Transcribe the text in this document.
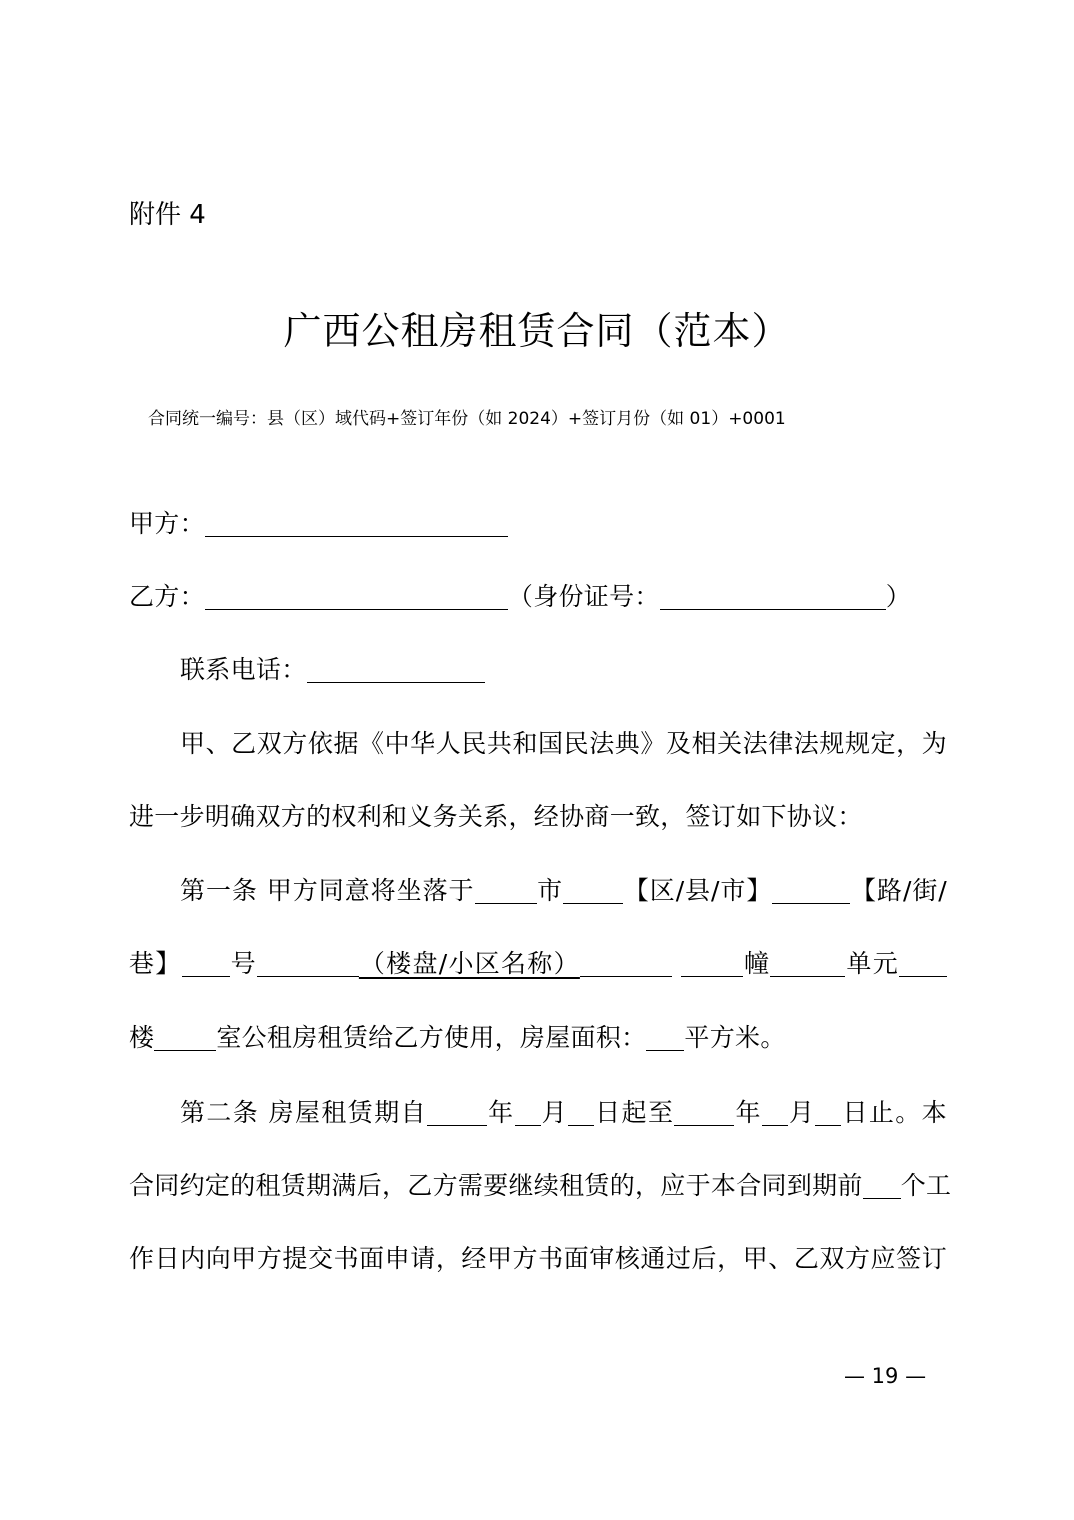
附件 4
广西公租房租赁合同（范本）
合同统一编号：县（区）域代码+签订年份（如 2024）+签订月份（如 01）+0001
甲方：
乙方：	（身份证号：	）
联系电话：
甲、乙双方依据《中华人民共和国民法典》及相关法律法规规定，为
进一步明确双方的权利和义务关系，经协商一致，签订如下协议：
第一条 甲方同意将坐落于 市 【区/县/市】	【路/街/
巷】 号	（楼盘/小区名称）	幢	单元
楼 室公租房租赁给乙方使用，房屋面积： 平方米。
第二条 房屋租赁期自 年 月 日起至 年 月 日止。本
合同约定的租赁期满后，乙方需要继续租赁的，应于本合同到期前 个工
作日内向甲方提交书面申请，经甲方书面审核通过后，甲、乙双方应签订
— 19 —
